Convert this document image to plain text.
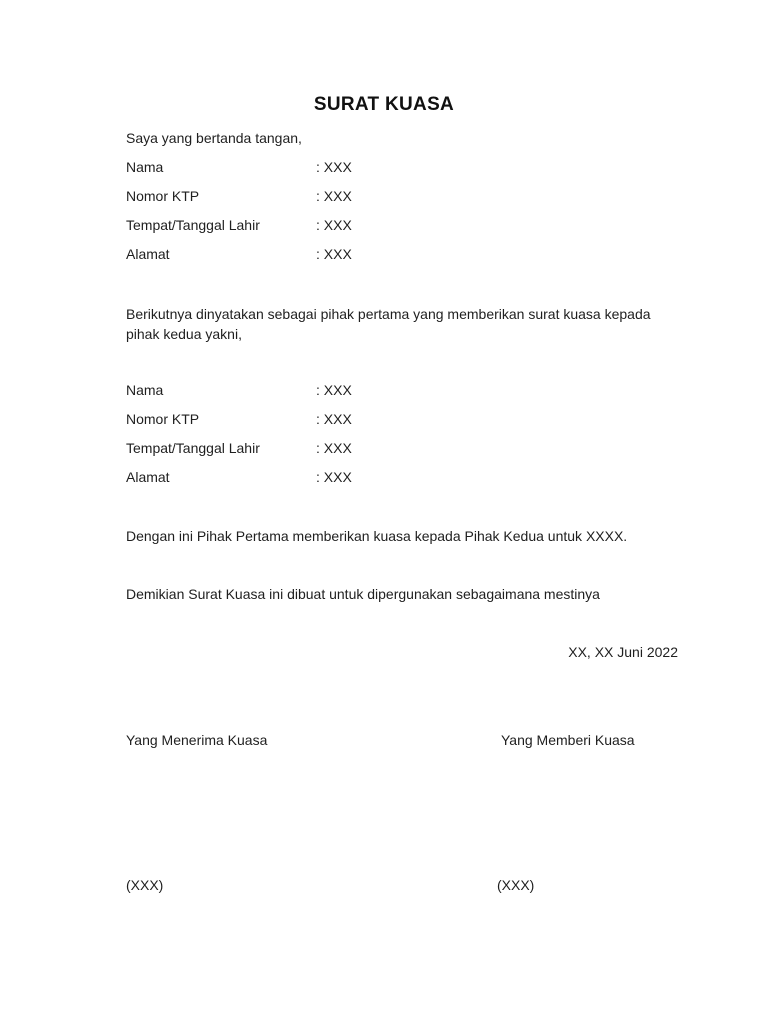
SURAT KUASA
Saya yang bertanda tangan,
Nama	: XXX
Nomor KTP	: XXX
Tempat/Tanggal Lahir	: XXX
Alamat	: XXX
Berikutnya dinyatakan sebagai pihak pertama yang memberikan surat kuasa kepada pihak kedua yakni,
Nama	: XXX
Nomor KTP	: XXX
Tempat/Tanggal Lahir	: XXX
Alamat	: XXX
Dengan ini Pihak Pertama memberikan kuasa kepada Pihak Kedua untuk XXXX.
Demikian Surat Kuasa ini dibuat untuk dipergunakan sebagaimana mestinya
XX, XX Juni 2022
Yang Menerima Kuasa	Yang Memberi Kuasa
(XXX)	(XXX)
